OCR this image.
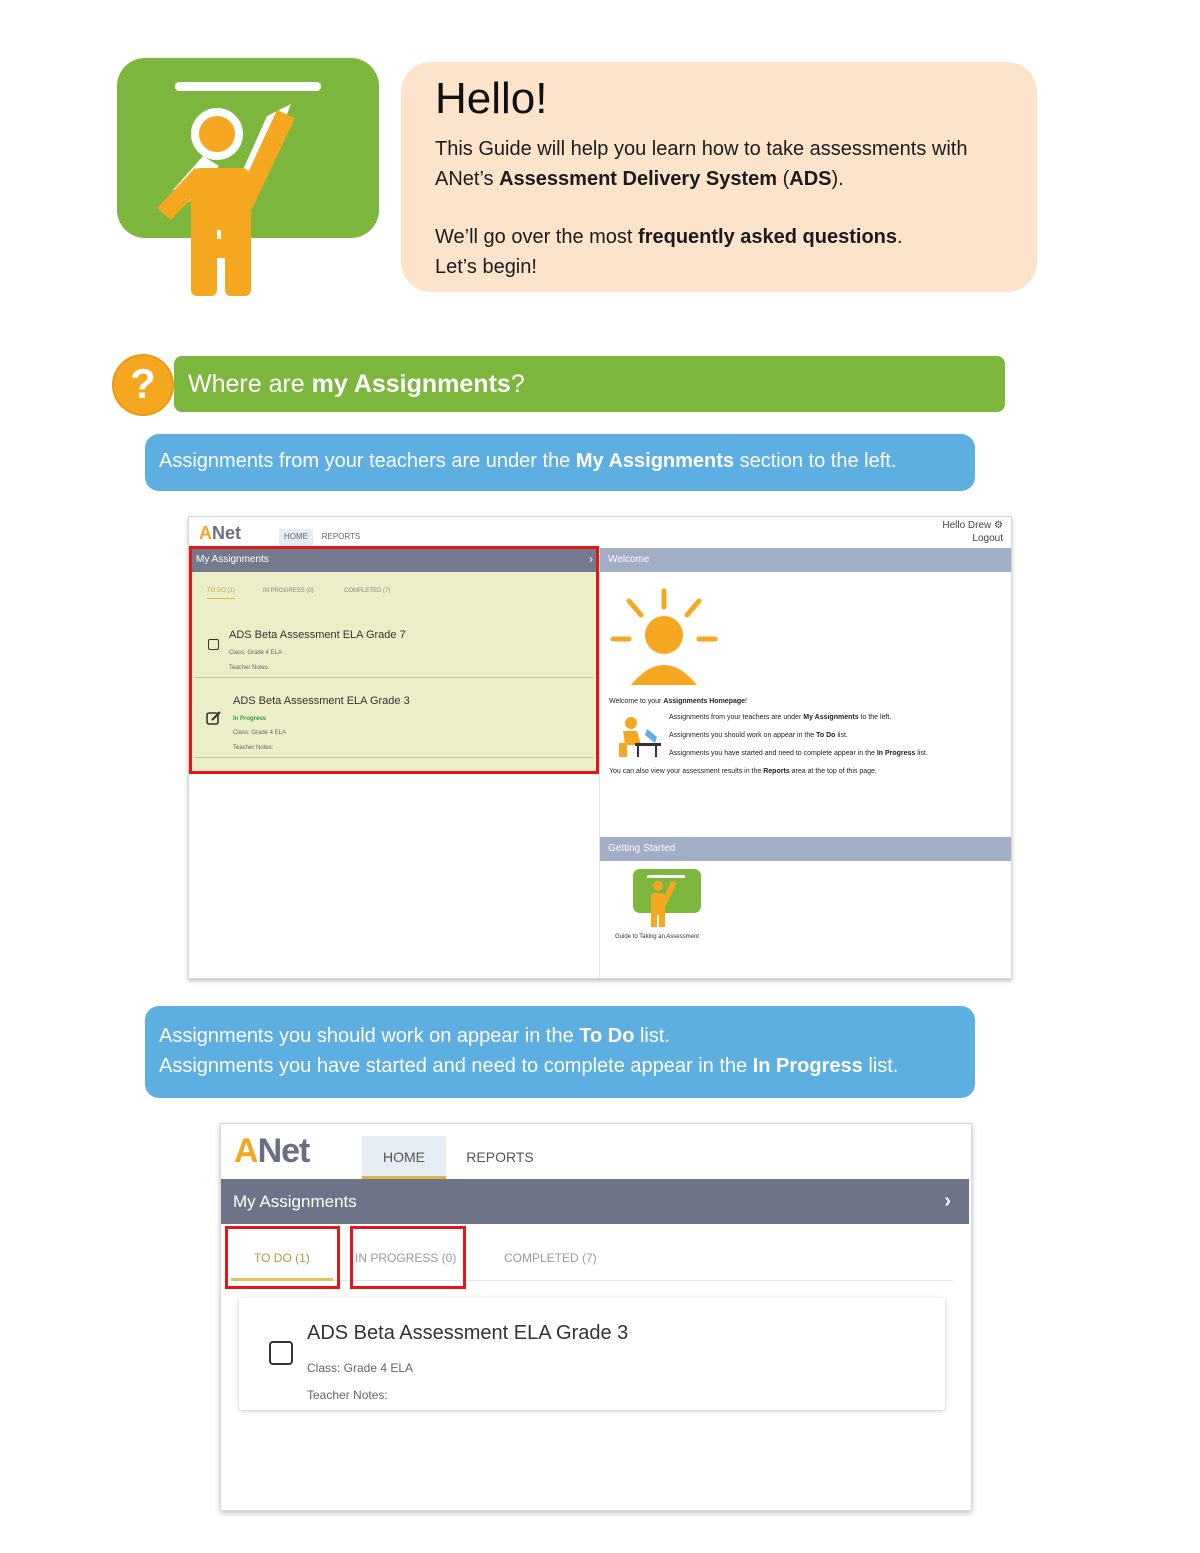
Hello!

This Guide will help you learn how to take assessments with ANet’s Assessment Delivery System (ADS).

We’ll go over the most frequently asked questions.
Let’s begin!

?	Where are my Assignments?
Assignments from your teachers are under the My Assignments section to the left.
ANet	HOME	REPORTS
Hello Drew ⚙
Logout
My Assignments	›
TO DO (1)	IN PROGRESS (0)	COMPLETED (7)
ADS Beta Assessment ELA Grade 7
Class: Grade 4 ELA
Teacher Notes:
ADS Beta Assessment ELA Grade 3
In Progress
Class: Grade 4 ELA
Teacher Notes:
Welcome
Welcome to your Assignments Homepage!
Assignments from your teachers are under My Assignments to the left.
Assignments you should work on appear in the To Do list.
Assignments you have started and need to complete appear in the In Progress list.
You can also view your assessment results in the Reports area at the top of this page.
Getting Started
Guide to Taking an Assessment
Assignments you should work on appear in the To Do list.
Assignments you have started and need to complete appear in the In Progress list.
ANet	HOME	REPORTS
My Assignments	›
TO DO (1)	IN PROGRESS (0)	COMPLETED (7)
ADS Beta Assessment ELA Grade 3
Class: Grade 4 ELA
Teacher Notes:
